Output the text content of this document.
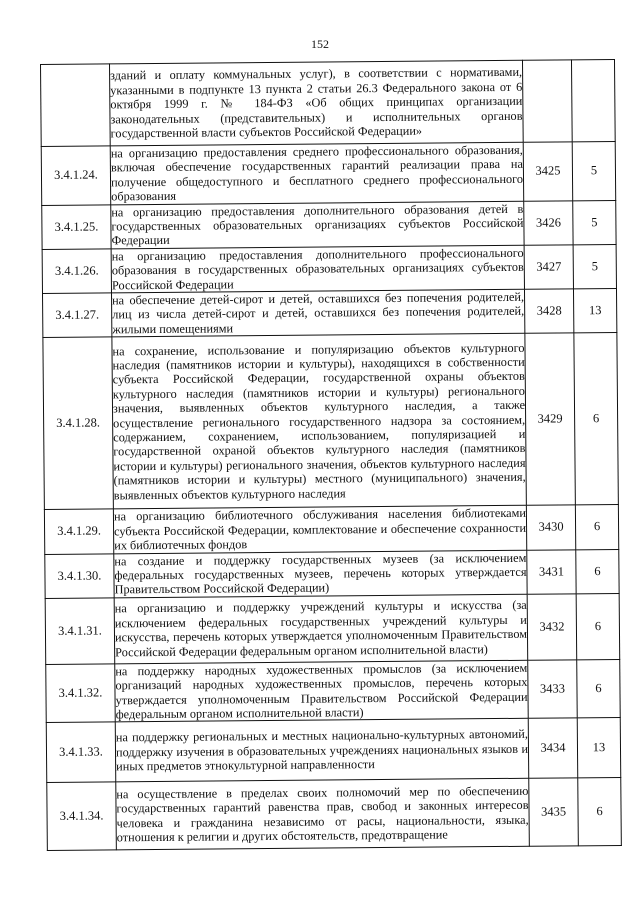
152
	зданий и оплату коммунальных услуг), в соответствии с нормативами, указанными в подпункте 13 пункта 2 статьи 26.3 Федерального закона от 6 октября 1999 г. № 184-ФЗ «Об общих принципах организации законодательных (представительных) и исполнительных органов государственной власти субъектов Российской Федерации»		
3.4.1.24.	на организацию предоставления среднего профессионального образования, включая обеспечение государственных гарантий реализации права на получение общедоступного и бесплатного среднего профессионального образования	3425	5
3.4.1.25.	на организацию предоставления дополнительного образования детей в государственных образовательных организациях субъектов Российской Федерации	3426	5
3.4.1.26.	на организацию предоставления дополнительного профессионального образования в государственных образовательных организациях субъектов Российской Федерации	3427	5
3.4.1.27.	на обеспечение детей-сирот и детей, оставшихся без попечения родителей, лиц из числа детей-сирот и детей, оставшихся без попечения родителей, жилыми помещениями	3428	13
3.4.1.28.	на сохранение, использование и популяризацию объектов культурного наследия (памятников истории и культуры), находящихся в собственности субъекта Российской Федерации, государственной охраны объектов культурного наследия (памятников истории и культуры) регионального значения, выявленных объектов культурного наследия, а также осуществление регионального государственного надзора за состоянием, содержанием, сохранением, использованием, популяризацией и государственной охраной объектов культурного наследия (памятников истории и культуры) регионального значения, объектов культурного наследия (памятников истории и культуры) местного (муниципального) значения, выявленных объектов культурного наследия	3429	6
3.4.1.29.	на организацию библиотечного обслуживания населения библиотеками субъекта Российской Федерации, комплектование и обеспечение сохранности их библиотечных фондов	3430	6
3.4.1.30.	на создание и поддержку государственных музеев (за исключением федеральных государственных музеев, перечень которых утверждается Правительством Российской Федерации)	3431	6
3.4.1.31.	на организацию и поддержку учреждений культуры и искусства (за исключением федеральных государственных учреждений культуры и искусства, перечень которых утверждается уполномоченным Правительством Российской Федерации федеральным органом исполнительной власти)	3432	6
3.4.1.32.	на поддержку народных художественных промыслов (за исключением организаций народных художественных промыслов, перечень которых утверждается уполномоченным Правительством Российской Федерации федеральным органом исполнительной власти)	3433	6
3.4.1.33.	на поддержку региональных и местных национально-культурных автономий, поддержку изучения в образовательных учреждениях национальных языков и иных предметов этнокультурной направленности	3434	13
3.4.1.34.	на осуществление в пределах своих полномочий мер по обеспечению государственных гарантий равенства прав, свобод и законных интересов человека и гражданина независимо от расы, национальности, языка, отношения к религии и других обстоятельств, предотвращение	3435	6
